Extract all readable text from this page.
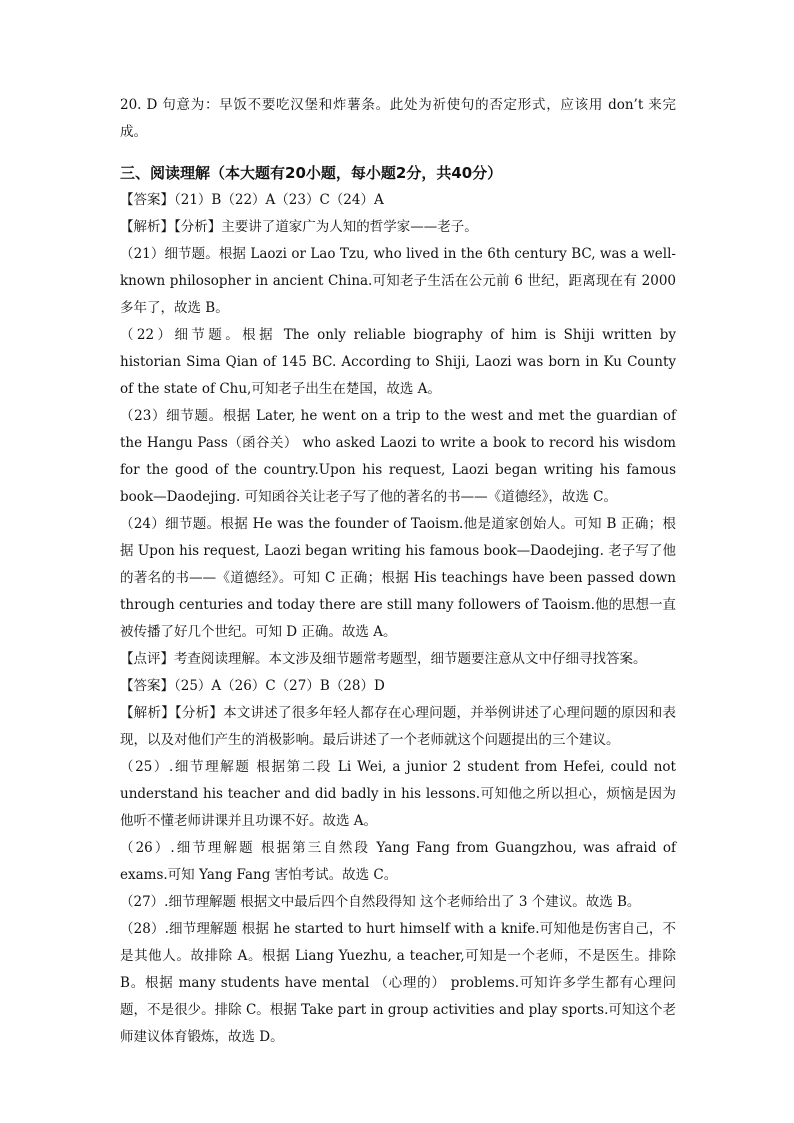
20. D 句意为：早饭不要吃汉堡和炸薯条。此处为祈使句的否定形式，应该用 don’t 来完成。

三、阅读理解（本大题有20小题，每小题2分，共40分）

【答案】（21）B（22）A（23）C（24）A

【解析】【分析】主要讲了道家广为人知的哲学家——老子。

（21）细节题。根据 Laozi or Lao Tzu, who lived in the 6th century BC, was a well-known philosopher in ancient China.可知老子生活在公元前 6 世纪，距离现在有 2000 多年了，故选 B。

（22）细节题。根据 The only reliable biography of him is Shiji written by historian Sima Qian of 145 BC. According to Shiji, Laozi was born in Ku County of the state of Chu,可知老子出生在楚国，故选 A。

（23）细节题。根据 Later, he went on a trip to the west and met the guardian of the Hangu Pass（函谷关） who asked Laozi to write a book to record his wisdom for the good of the country.Upon his request, Laozi began writing his famous book—Daodejing. 可知函谷关让老子写了他的著名的书——《道德经》，故选 C。

（24）细节题。根据 He was the founder of Taoism.他是道家创始人。可知 B 正确；根据 Upon his request, Laozi began writing his famous book—Daodejing. 老子写了他的著名的书——《道德经》。可知 C 正确；根据 His teachings have been passed down through centuries and today there are still many followers of Taoism.他的思想一直被传播了好几个世纪。可知 D 正确。故选 A。

【点评】考查阅读理解。本文涉及细节题常考题型，细节题要注意从文中仔细寻找答案。

【答案】（25）A（26）C（27）B（28）D

【解析】【分析】本文讲述了很多年轻人都存在心理问题，并举例讲述了心理问题的原因和表现，以及对他们产生的消极影响。最后讲述了一个老师就这个问题提出的三个建议。

（25）.细节理解题 根据第二段 Li Wei, a junior 2 student from Hefei, could not understand his teacher and did badly in his lessons.可知他之所以担心，烦恼是因为他听不懂老师讲课并且功课不好。故选 A。

（26）.细节理解题 根据第三自然段 Yang Fang from Guangzhou, was afraid of exams.可知 Yang Fang 害怕考试。故选 C。

（27）.细节理解题 根据文中最后四个自然段得知 这个老师给出了 3 个建议。故选 B。

（28）.细节理解题 根据 he started to hurt himself with a knife.可知他是伤害自己，不是其他人。故排除 A。根据 Liang Yuezhu, a teacher,可知是一个老师，不是医生。排除 B。根据 many students have mental （心理的） problems.可知许多学生都有心理问题，不是很少。排除 C。根据 Take part in group activities and play sports.可知这个老师建议体育锻炼，故选 D。
